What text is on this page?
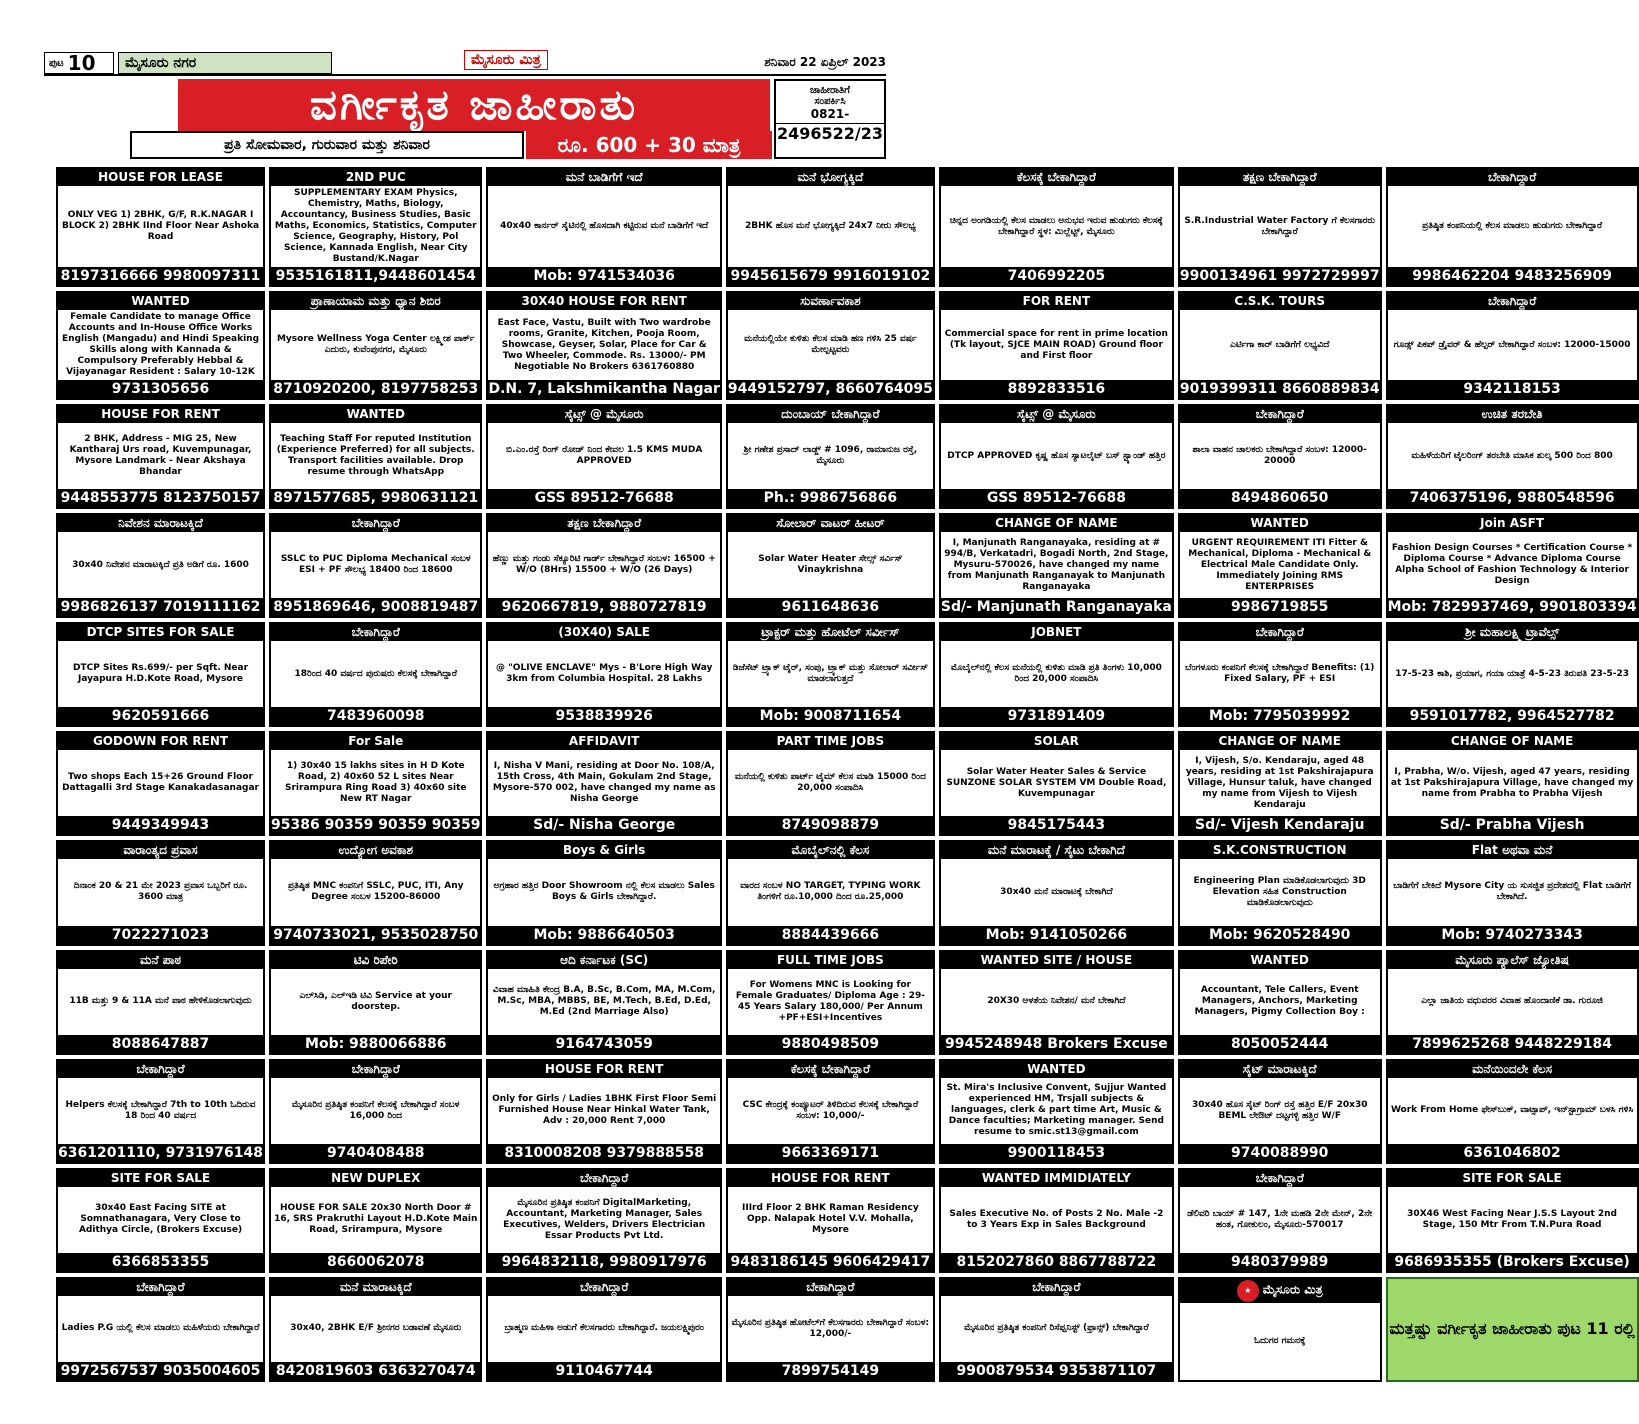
ಪುಟ 10	ಮೈಸೂರು ನಗರ	ಮೈಸೂರು ಮಿತ್ರ	ಶನಿವಾರ 22 ಏಪ್ರಿಲ್ 2023
ವರ್ಗೀಕೃತ ಜಾಹೀರಾತು
ಪ್ರತಿ ಸೋಮವಾರ, ಗುರುವಾರ ಮತ್ತು ಶನಿವಾರ	ರೂ. 600 + 30 ಮಾತ್ರ
ಜಾಹೀರಾತಿಗೆ
ಸಂಪರ್ಕಿಸಿ
0821-
2496522/23
HOUSE FOR LEASE
ONLY VEG 1) 2BHK, G/F, R.K.NAGAR I BLOCK 2) 2BHK IInd Floor Near Ashoka Road
8197316666 9980097311
2ND PUC
SUPPLEMENTARY EXAM Physics, Chemistry, Maths, Biology, Accountancy, Business Studies, Basic Maths, Economics, Statistics, Computer Science, Geography, History, Pol Science, Kannada English, Near City Bustand/K.Nagar
9535161811,9448601454
ಮನೆ ಬಾಡಿಗೆಗೆ ಇದೆ
40x40 ಕಾರ್ನರ್ ಸೈಟಿನಲ್ಲಿ ಹೊಸದಾಗಿ ಕಟ್ಟಿರುವ ಮನೆ ಬಾಡಿಗೆಗೆ ಇದೆ
Mob: 9741534036
ಮನೆ ಭೋಗ್ಯಕ್ಕಿದೆ
2BHK ಹೊಸ ಮನೆ ಭೋಗ್ಯಕ್ಕಿದೆ 24x7 ನೀರು ಸೌಲಭ್ಯ
9945615679 9916019102
ಕೆಲಸಕ್ಕೆ ಬೇಕಾಗಿದ್ದಾರೆ
ಚಿನ್ನದ ಅಂಗಡಿಯಲ್ಲಿ ಕೆಲಸ ಮಾಡಲು ಅನುಭವ ಇರುವ ಹುಡುಗರು ಕೆಲಸಕ್ಕೆ ಬೇಕಾಗಿದ್ದಾರೆ ಸ್ಥಳ: ಮಿಲ್ಲೆಟ್ಟ್, ಮೈಸೂರು
7406992205
ತಕ್ಷಣ ಬೇಕಾಗಿದ್ದಾರೆ
S.R.Industrial Water Factory ಗೆ ಕೆಲಸಗಾರರು ಬೇಕಾಗಿದ್ದಾರೆ
9900134961 9972729997
ಬೇಕಾಗಿದ್ದಾರೆ
ಪ್ರತಿಷ್ಠಿತ ಕಂಪನಿಯಲ್ಲಿ ಕೆಲಸ ಮಾಡಲು ಹುಡುಗರು ಬೇಕಾಗಿದ್ದಾರೆ
9986462204 9483256909
WANTED
Female Candidate to manage Office Accounts and In-House Office Works English (Mangadu) and Hindi Speaking Skills along with Kannada & Compulsory Preferably Hebbal & Vijayanagar Resident : Salary 10-12K
9731305656
ಪ್ರಾಣಾಯಾಮ ಮತ್ತು ಧ್ಯಾನ ಶಿಬಿರ
Mysore Wellness Yoga Center ಲಕ್ಷ್ಮೀಶ ಪಾರ್ಕ್ ಎದುರು, ಕುವೆಂಪುನಗರ, ಮೈಸೂರು
8710920200, 8197758253
30X40 HOUSE FOR RENT
East Face, Vastu, Built with Two wardrobe rooms, Granite, Kitchen, Pooja Room, Showcase, Geyser, Solar, Place for Car & Two Wheeler, Commode. Rs. 13000/- PM Negotiable No Brokers 6361760880
D.N. 7, Lakshmikantha Nagar
ಸುವರ್ಣಾವಕಾಶ
ಮನೆಯಲ್ಲಿಯೇ ಕುಳಿತು ಕೆಲಸ ಮಾಡಿ ಹಣ ಗಳಿಸಿ 25 ವರ್ಷ ಮೇಲ್ಪಟ್ಟವರು
9449152797, 8660764095
FOR RENT
Commercial space for rent in prime location (Tk layout, SJCE MAIN ROAD) Ground floor and First floor
8892833516
C.S.K. TOURS
ಎರ್ಟಿಗಾ ಕಾರ್ ಬಾಡಿಗೆಗೆ ಲಭ್ಯವಿದೆ
9019399311 8660889834
ಬೇಕಾಗಿದ್ದಾರೆ
ಗೂಡ್ಸ್ ಪಿಕಪ್ ಡ್ರೈವರ್ & ಹೆಲ್ಪರ್ ಬೇಕಾಗಿದ್ದಾರೆ ಸಂಬಳ: 12000-15000
9342118153
HOUSE FOR RENT
2 BHK, Address - MIG 25, New Kantharaj Urs road, Kuvempunagar, Mysore Landmark - Near Akshaya Bhandar
9448553775 8123750157
WANTED
Teaching Staff For reputed Institution (Experience Preferred) for all subjects. Transport facilities available. Drop resume through WhatsApp
8971577685, 9980631121
ಸೈಟ್ಸ್ @ ಮೈಸೂರು
ಬಿ.ಎಂ.ರಸ್ತೆ ರಿಂಗ್ ರೋಡ್ ನಿಂದ ಕೇವಲ 1.5 KMS MUDA APPROVED
GSS 89512-76688
ದುಂಬಾಯ್ ಬೇಕಾಗಿದ್ದಾರೆ
ಶ್ರೀ ಗಣೇಶ ಪ್ರಸಾದ್ ಲಾಡ್ಜ್ # 1096, ರಾಮಾನುಜ ರಸ್ತೆ, ಮೈಸೂರು
Ph.: 9986756866
ಸೈಟ್ಸ್ @ ಮೈಸೂರು
DTCP APPROVED ಕೃಷ್ಣ ಹೊಸ ಸ್ಯಾಟಲೈಟ್ ಬಸ್ ಸ್ಟ್ಯಾಂಡ್ ಹತ್ತಿರ
GSS 89512-76688
ಬೇಕಾಗಿದ್ದಾರೆ
ಶಾಲಾ ವಾಹನ ಚಾಲಕರು ಬೇಕಾಗಿದ್ದಾರೆ ಸಂಬಳ: 12000-20000
8494860650
ಉಚಿತ ತರಬೇತಿ
ಮಹಿಳೆಯರಿಗೆ ಟೈಲರಿಂಗ್ ತರಬೇತಿ ಮಾಸಿಕ ಶುಲ್ಕ 500 ರಿಂದ 800
7406375196, 9880548596
ನಿವೇಶನ ಮಾರಾಟಕ್ಕಿದೆ
30x40 ನಿವೇಶನ ಮಾರಾಟಕ್ಕಿದೆ ಪ್ರತಿ ಅಡಿಗೆ ರೂ. 1600
9986826137 7019111162
ಬೇಕಾಗಿದ್ದಾರೆ
SSLC to PUC Diploma Mechanical ಸಂಬಳ ESI + PF ಸೌಲಭ್ಯ 18400 ರಿಂದ 18600
8951869646, 9008819487
ತಕ್ಷಣ ಬೇಕಾಗಿದ್ದಾರೆ
ಹೆಣ್ಣು ಮತ್ತು ಗಂಡು ಸೆಕ್ಯೂರಿಟಿ ಗಾರ್ಡ್ ಬೇಕಾಗಿದ್ದಾರೆ ಸಂಬಳ: 16500 + W/O (8Hrs) 15500 + W/O (26 Days)
9620667819, 9880727819
ಸೋಲಾರ್ ವಾಟರ್ ಹೀಟರ್
Solar Water Heater ಸೇಲ್ಸ್ ಸರ್ವಿಸ್ Vinaykrishna
9611648636
CHANGE OF NAME
I, Manjunath Ranganayaka, residing at # 994/B, Verkatadri, Bogadi North, 2nd Stage, Mysuru-570026, have changed my name from Manjunath Ranganayak to Manjunath Ranganayaka
Sd/- Manjunath Ranganayaka
WANTED
URGENT REQUIREMENT ITI Fitter & Mechanical, Diploma - Mechanical & Electrical Male Candidate Only. Immediately Joining RMS ENTERPRISES
9986719855
Join ASFT
Fashion Design Courses * Certification Course * Diploma Course * Advance Diploma Course Alpha School of Fashion Technology & Interior Design
Mob: 7829937469, 9901803394
DTCP SITES FOR SALE
DTCP Sites Rs.699/- per Sqft. Near Jayapura H.D.Kote Road, Mysore
9620591666
ಬೇಕಾಗಿದ್ದಾರೆ
18ರಿಂದ 40 ವರ್ಷದ ಪುರುಷರು ಕೆಲಸಕ್ಕೆ ಬೇಕಾಗಿದ್ದಾರೆ
7483960098
(30X40) SALE
@ "OLIVE ENCLAVE" Mys - B'Lore High Way 3km from Columbia Hospital. 28 Lakhs
9538839926
ಟ್ರಾಕ್ಟರ್ ಮತ್ತು ಹೋಟೆಲ್ ಸರ್ವೀಸ್
ಡಿಜೆಸೆಟ್ ಟ್ರ್ಯಾಕ್ ಟೈರ್, ಸಂಪು, ಟ್ರ್ಯಾಕ್ ಮತ್ತು ಸೋಲಾರ್ ಸರ್ವೀಸ್ ಮಾಡಲಾಗುತ್ತದೆ
Mob: 9008711654
JOBNET
ಮೊಬೈಲ್‌ನಲ್ಲಿ ಕೆಲಸ ಮನೆಯಲ್ಲಿ ಕುಳಿತು ಮಾಡಿ ಪ್ರತಿ ತಿಂಗಳು 10,000 ರಿಂದ 20,000 ಸಂಪಾದಿಸಿ
9731891409
ಬೇಕಾಗಿದ್ದಾರೆ
ಬೆಂಗಳೂರು ಕಂಪನಿಗೆ ಕೆಲಸಕ್ಕೆ ಬೇಕಾಗಿದ್ದಾರೆ Benefits: (1) Fixed Salary, PF + ESI
Mob: 7795039992
ಶ್ರೀ ಮಹಾಲಕ್ಷ್ಮಿ ಟ್ರಾವೆಲ್ಸ್
17-5-23 ಕಾಶಿ, ಪ್ರಯಾಗ, ಗಯಾ ಯಾತ್ರೆ 4-5-23 ತಿರುಪತಿ 23-5-23
9591017782, 9964527782
GODOWN FOR RENT
Two shops Each 15+26 Ground Floor Dattagalli 3rd Stage Kanakadasanagar
9449349943
For Sale
1) 30x40 15 lakhs sites in H D Kote Road, 2) 40x60 52 L sites Near Srirampura Ring Road 3) 40x60 site New RT Nagar
95386 90359 90359 90359
AFFIDAVIT
I, Nisha V Mani, residing at Door No. 108/A, 15th Cross, 4th Main, Gokulam 2nd Stage, Mysore-570 002, have changed my name as Nisha George
Sd/- Nisha George
PART TIME JOBS
ಮನೆಯಲ್ಲಿ ಕುಳಿತು ಪಾರ್ಟ್ ಟೈಮ್ ಕೆಲಸ ಮಾಡಿ 15000 ರಿಂದ 20,000 ಸಂಪಾದಿಸಿ
8749098879
SOLAR
Solar Water Heater Sales & Service SUNZONE SOLAR SYSTEM VM Double Road, Kuvempunagar
9845175443
CHANGE OF NAME
I, Vijesh, S/o. Kendaraju, aged 48 years, residing at 1st Pakshirajapura Village, Hunsur taluk, have changed my name from Vijesh to Vijesh Kendaraju
Sd/- Vijesh Kendaraju
CHANGE OF NAME
I, Prabha, W/o. Vijesh, aged 47 years, residing at 1st Pakshirajapura Village, have changed my name from Prabha to Prabha Vijesh
Sd/- Prabha Vijesh
ವಾರಾಂತ್ಯದ ಪ್ರವಾಸ
ದಿನಾಂಕ 20 & 21 ಮೇ 2023 ಪ್ರವಾಸ ಒಬ್ಬರಿಗೆ ರೂ. 3600 ಮಾತ್ರ
7022271023
ಉದ್ಯೋಗ ಅವಕಾಶ
ಪ್ರತಿಷ್ಠಿತ MNC ಕಂಪನಿಗೆ SSLC, PUC, ITI, Any Degree ಸಂಬಳ 15200-86000
9740733021, 9535028750
Boys & Girls
ಅಗ್ರಹಾರ ಹತ್ತಿರ Door Showroom ನಲ್ಲಿ ಕೆಲಸ ಮಾಡಲು Sales Boys & Girls ಬೇಕಾಗಿದ್ದಾರೆ.
Mob: 9886640503
ಮೊಬೈಲ್‌ನಲ್ಲಿ ಕೆಲಸ
ವಾರದ ಸಂಬಳ NO TARGET, TYPING WORK ತಿಂಗಳಿಗೆ ರೂ.10,000 ದಿಂದ ರೂ.25,000
8884439666
ಮನೆ ಮಾರಾಟಕ್ಕೆ / ಸೈಟು ಬೇಕಾಗಿದೆ
30x40 ಮನೆ ಮಾರಾಟಕ್ಕೆ ಬೇಕಾಗಿದೆ
Mob: 9141050266
S.K.CONSTRUCTION
Engineering Plan ಮಾಡಿಕೊಡಲಾಗುವುದು 3D Elevation ಸಹಿತ Construction ಮಾಡಿಕೊಡಲಾಗುವುದು
Mob: 9620528490
Flat ಅಥವಾ ಮನೆ
ಬಾಡಿಗೆಗೆ ಬೇಕಿದೆ Mysore City ಯ ಸುಸಜ್ಜಿತ ಪ್ರದೇಶದಲ್ಲಿ Flat ಬಾಡಿಗೆಗೆ ಬೇಕಾಗಿದೆ.
Mob: 9740273343
ಮನೆ ಪಾಠ
11B ಮತ್ತು 9 & 11A ಮನೆ ಪಾಠ ಹೇಳಿಕೊಡಲಾಗುವುದು
8088647887
ಟಿವಿ ರಿಪೇರಿ
ಎಲ್‌ಸಿಡಿ, ಎಲ್‌ಇಡಿ ಟಿವಿ Service at your doorstep.
Mob: 9880066886
ಆದಿ ಕರ್ನಾಟಕ (SC)
ವಿವಾಹ ಮಾಹಿತಿ ಕೇಂದ್ರ B.A, B.Sc, B.Com, MA, M.Com, M.Sc, MBA, MBBS, BE, M.Tech, B.Ed, D.Ed, M.Ed (2nd Marriage Also)
9164743059
FULL TIME JOBS
For Womens MNC is Looking for Female Graduates/ Diploma Age : 29-45 Years Salary 180,000/ Per Annum +PF+ESI+Incentives
9880498509
WANTED SITE / HOUSE
20X30 ಅಳತೆಯ ನಿವೇಶನ/ ಮನೆ ಬೇಕಾಗಿದೆ
9945248948 Brokers Excuse
WANTED
Accountant, Tele Callers, Event Managers, Anchors, Marketing Managers, Pigmy Collection Boy :
8050052444
ಮೈಸೂರು ಪ್ಯಾಲೆಸ್ ಜ್ಯೋತಿಷ
ಎಲ್ಲಾ ಜಾತಿಯ ವಧುವರರ ವಿವಾಹ ಹೊಂದಾಣಿಕೆ ಡಾ. ಗುರೂಜಿ
7899625268 9448229184
ಬೇಕಾಗಿದ್ದಾರೆ
Helpers ಕೆಲಸಕ್ಕೆ ಬೇಕಾಗಿದ್ದಾರೆ 7th to 10th ಓದಿರುವ 18 ರಿಂದ 40 ವರ್ಷದ
6361201110, 9731976148
ಬೇಕಾಗಿದ್ದಾರೆ
ಮೈಸೂರಿನ ಪ್ರತಿಷ್ಠಿತ ಕಂಪನಿಗೆ ಕೆಲಸಕ್ಕೆ ಬೇಕಾಗಿದ್ದಾರೆ ಸಂಬಳ 16,000 ರಿಂದ
9740408488
HOUSE FOR RENT
Only for Girls / Ladies 1BHK First Floor Semi Furnished House Near Hinkal Water Tank, Adv : 20,000 Rent 7,000
8310008208 9379888558
ಕೆಲಸಕ್ಕೆ ಬೇಕಾಗಿದ್ದಾರೆ
CSC ಕೇಂದ್ರಕ್ಕೆ ಕಂಪ್ಯೂಟರ್ ತಿಳಿದಿರುವ ಕೆಲಸಕ್ಕೆ ಬೇಕಾಗಿದ್ದಾರೆ ಸಂಬಳ: 10,000/-
9663369171
WANTED
St. Mira's Inclusive Convent, Sujjur Wanted experienced HM, Trsjall subjects & languages, clerk & part time Art, Music & Dance faculties; Marketing manager. Send resume to smic.st13@gmail.com
9900118453
ಸೈಟ್ ಮಾರಾಟಕ್ಕಿದೆ
30x40 ಹೊಸ ಸೈಟ್ ರಿಂಗ್ ರಸ್ತೆ ಹತ್ತಿರ E/F 20x30 BEML ಲೇಔಟ್ ದಟ್ಟಗಳ್ಳಿ ಹತ್ತಿರ W/F
9740088990
ಮನೆಯಿಂದಲೇ ಕೆಲಸ
Work From Home ಫೇಸ್‌ಬುಕ್, ವಾಟ್ಸಾಪ್, ಇನ್‌ಸ್ಟಾಗ್ರಾಮ್ ಬಳಸಿ ಗಳಿಸಿ
6361046802
SITE FOR SALE
30x40 East Facing SITE at Somnathanagara, Very Close to Adithya Circle, (Brokers Excuse)
6366853355
NEW DUPLEX
HOUSE FOR SALE 20x30 North Door # 16, SRS Prakruthi Layout H.D.Kote Main Road, Srirampura, Mysore
8660062078
ಬೇಕಾಗಿದ್ದಾರೆ
ಮೈಸೂರಿನ ಪ್ರತಿಷ್ಠಿತ ಕಂಪನಿಗೆ DigitalMarketing, Accountant, Marketing Manager, Sales Executives, Welders, Drivers Electrician Essar Products Pvt Ltd.
9964832118, 9980917976
HOUSE FOR RENT
IIIrd Floor 2 BHK Raman Residency Opp. Nalapak Hotel V.V. Mohalla, Mysore
9483186145 9606429417
WANTED IMMIDIATELY
Sales Executive No. of Posts 2 No. Male -2 to 3 Years Exp in Sales Background
8152027860 8867788722
ಬೇಕಾಗಿದ್ದಾರೆ
ಡೆಲಿವರಿ ಬಾಯ್ # 147, 1ನೇ ಮಹಡಿ 2ನೇ ಮೇನ್, 2ನೇ ಹಂತ, ಗೋಕುಲಂ, ಮೈಸೂರು-570017
9480379989
SITE FOR SALE
30X46 West Facing Near J.S.S Layout 2nd Stage, 150 Mtr From T.N.Pura Road
9686935355 (Brokers Excuse)
ಬೇಕಾಗಿದ್ದಾರೆ
Ladies P.G ಯಲ್ಲಿ ಕೆಲಸ ಮಾಡಲು ಮಹಿಳೆಯರು ಬೇಕಾಗಿದ್ದಾರೆ
9972567537 9035004605
ಮನೆ ಮಾರಾಟಕ್ಕಿದೆ
30x40, 2BHK E/F ಶ್ರೀನಗರ ಬಡಾವಣೆ ಮೈಸೂರು
8420819603 6363270474
ಬೇಕಾಗಿದ್ದಾರೆ
ಬ್ರಾಹ್ಮಣ ಮಹಿಳಾ ಅಡುಗೆ ಕೆಲಸಗಾರರು ಬೇಕಾಗಿದ್ದಾರೆ. ಜಯಲಕ್ಷ್ಮಿಪುರಂ
9110467744
ಬೇಕಾಗಿದ್ದಾರೆ
ಮೈಸೂರಿನ ಪ್ರತಿಷ್ಠಿತ ಹೋಟೆಲ್‌ಗೆ ಕೆಲಸಗಾರರು ಬೇಕಾಗಿದ್ದಾರೆ ಸಂಬಳ: 12,000/-
7899754149
ಬೇಕಾಗಿದ್ದಾರೆ
ಮೈಸೂರಿನ ಪ್ರತಿಷ್ಠಿತ ಕಂಪನಿಗೆ ರಿಸೆಪ್ಷನಿಸ್ಟ್ (ಫ್ರಾನ್ಸ್) ಬೇಕಾಗಿದ್ದಾರೆ
9900879534 9353871107
★ ಮೈಸೂರು ಮಿತ್ರ
ಓದುಗರ ಗಮನಕ್ಕೆ
ಮತ್ತಷ್ಟು ವರ್ಗೀಕೃತ ಜಾಹೀರಾತು ಪುಟ 11 ರಲ್ಲಿ
